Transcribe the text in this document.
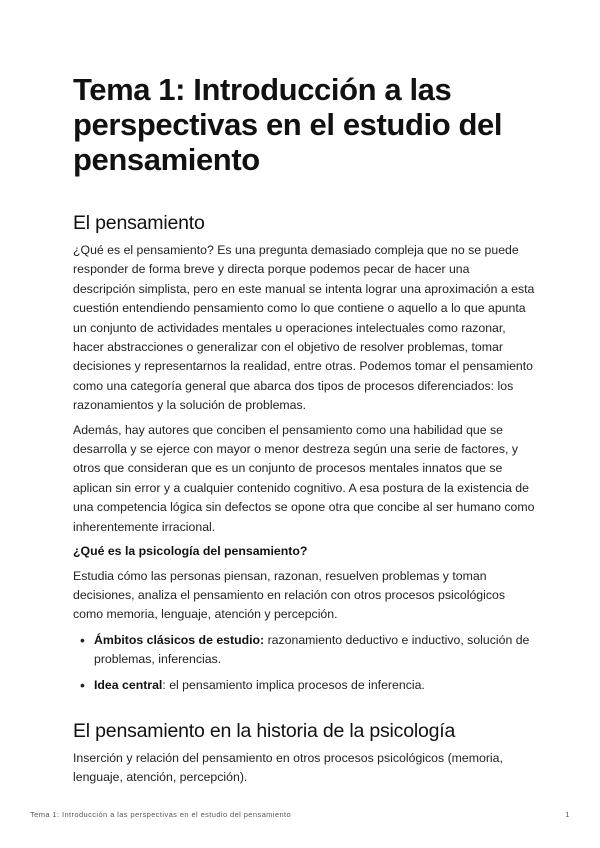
Tema 1: Introducción a las perspectivas en el estudio del pensamiento
El pensamiento

¿Qué es el pensamiento? Es una pregunta demasiado compleja que no se puede responder de forma breve y directa porque podemos pecar de hacer una descripción simplista, pero en este manual se intenta lograr una aproximación a esta cuestión entendiendo pensamiento como lo que contiene o aquello a lo que apunta un conjunto de actividades mentales u operaciones intelectuales como razonar, hacer abstracciones o generalizar con el objetivo de resolver problemas, tomar decisiones y representarnos la realidad, entre otras. Podemos tomar el pensamiento como una categoría general que abarca dos tipos de procesos diferenciados: los razonamientos y la solución de problemas.

Además, hay autores que conciben el pensamiento como una habilidad que se desarrolla y se ejerce con mayor o menor destreza según una serie de factores, y otros que consideran que es un conjunto de procesos mentales innatos que se aplican sin error y a cualquier contenido cognitivo. A esa postura de la existencia de una competencia lógica sin defectos se opone otra que concibe al ser humano como inherentemente irracional.

¿Qué es la psicología del pensamiento?

Estudia cómo las personas piensan, razonan, resuelven problemas y toman decisiones, analiza el pensamiento en relación con otros procesos psicológicos como memoria, lenguaje, atención y percepción.

• Ámbitos clásicos de estudio: razonamiento deductivo e inductivo, solución de problemas, inferencias.
• Idea central: el pensamiento implica procesos de inferencia.
El pensamiento en la historia de la psicología

Inserción y relación del pensamiento en otros procesos psicológicos (memoria, lenguaje, atención, percepción).

Tema 1: Introducción a las perspectivas en el estudio del pensamiento	1
